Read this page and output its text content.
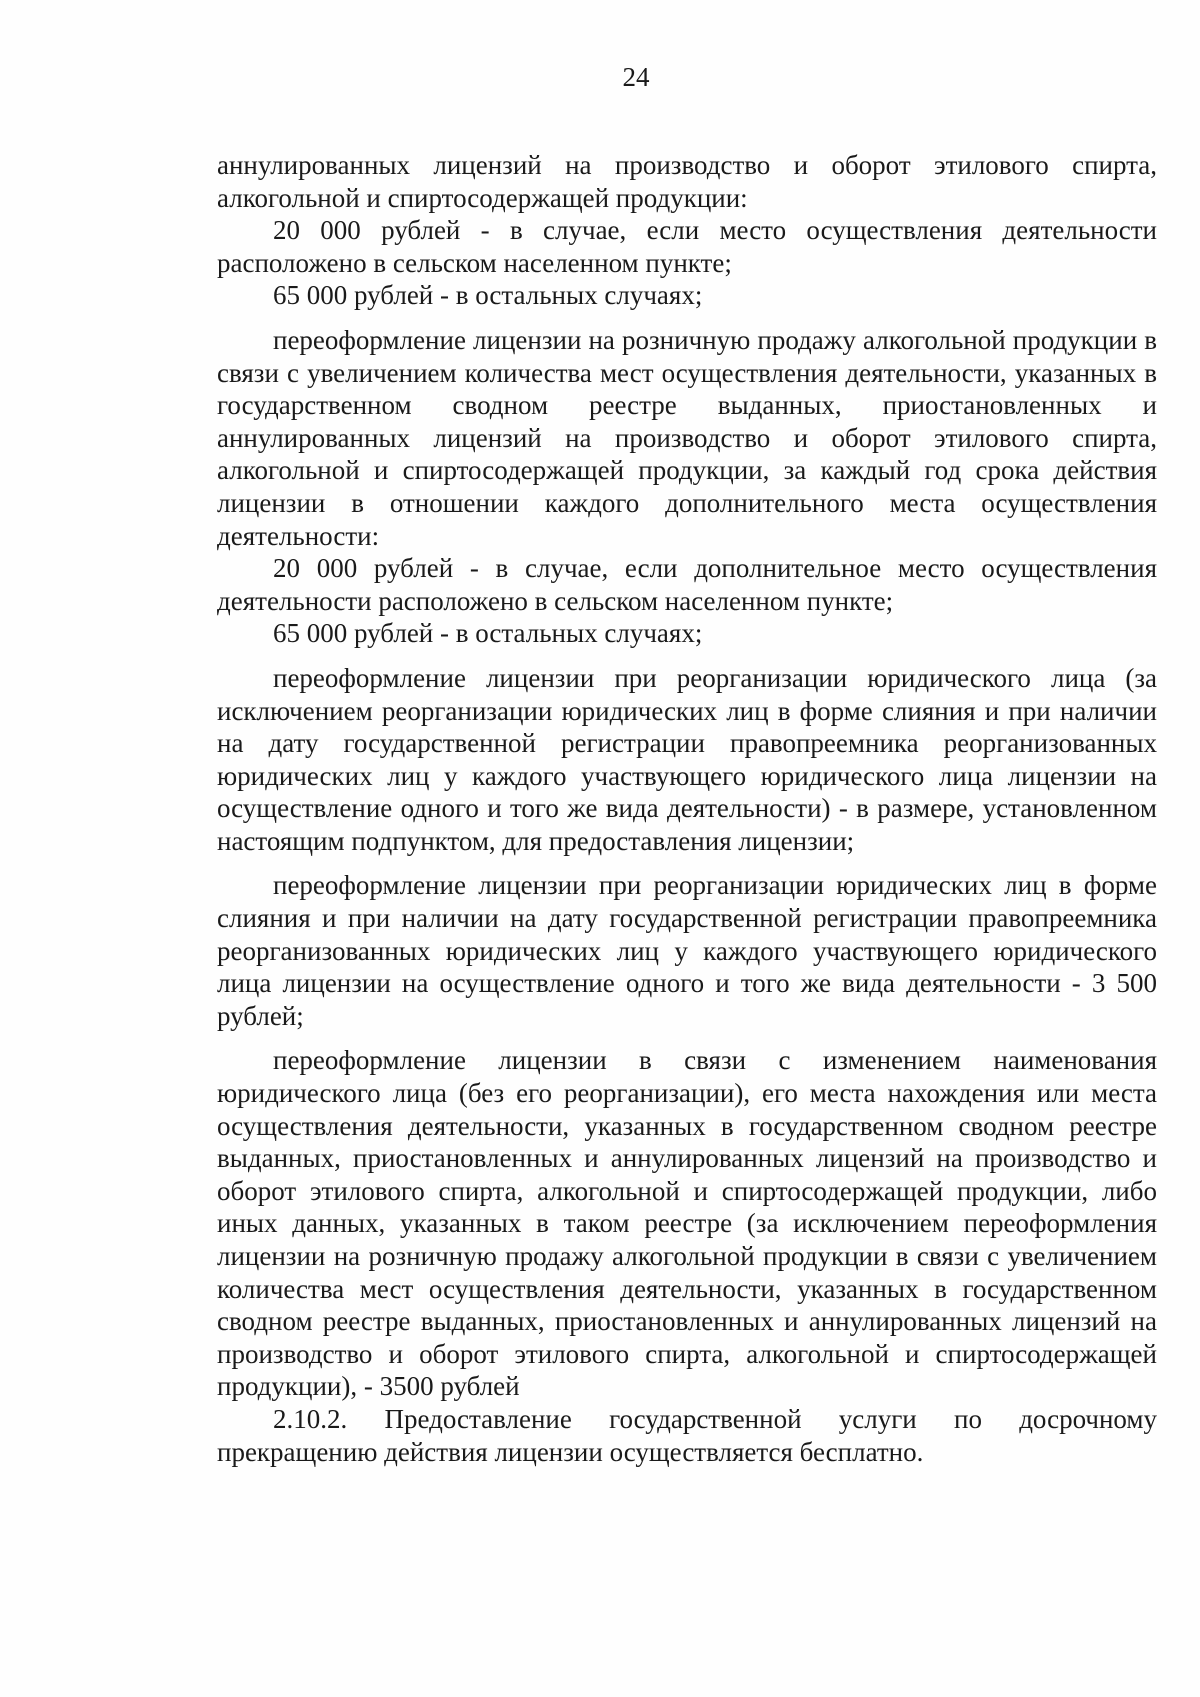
24

аннулированных лицензий на производство и оборот этилового спирта, алкогольной и спиртосодержащей продукции:

20 000 рублей - в случае, если место осуществления деятельности расположено в сельском населенном пункте;

65 000 рублей - в остальных случаях;

переоформление лицензии на розничную продажу алкогольной продукции в связи с увеличением количества мест осуществления деятельности, указанных в государственном сводном реестре выданных, приостановленных и аннулированных лицензий на производство и оборот этилового спирта, алкогольной и спиртосодержащей продукции, за каждый год срока действия лицензии в отношении каждого дополнительного места осуществления деятельности:

20 000 рублей - в случае, если дополнительное место осуществления деятельности расположено в сельском населенном пункте;

65 000 рублей - в остальных случаях;

переоформление лицензии при реорганизации юридического лица (за исключением реорганизации юридических лиц в форме слияния и при наличии на дату государственной регистрации правопреемника реорганизованных юридических лиц у каждого участвующего юридического лица лицензии на осуществление одного и того же вида деятельности) - в размере, установленном настоящим подпунктом, для предоставления лицензии;

переоформление лицензии при реорганизации юридических лиц в форме слияния и при наличии на дату государственной регистрации правопреемника реорганизованных юридических лиц у каждого участвующего юридического лица лицензии на осуществление одного и того же вида деятельности - 3 500 рублей;

переоформление лицензии в связи с изменением наименования юридического лица (без его реорганизации), его места нахождения или места осуществления деятельности, указанных в государственном сводном реестре выданных, приостановленных и аннулированных лицензий на производство и оборот этилового спирта, алкогольной и спиртосодержащей продукции, либо иных данных, указанных в таком реестре (за исключением переоформления лицензии на розничную продажу алкогольной продукции в связи с увеличением количества мест осуществления деятельности, указанных в государственном сводном реестре выданных, приостановленных и аннулированных лицензий на производство и оборот этилового спирта, алкогольной и спиртосодержащей продукции), - 3500 рублей

2.10.2. Предоставление государственной услуги по досрочному прекращению действия лицензии осуществляется бесплатно.
